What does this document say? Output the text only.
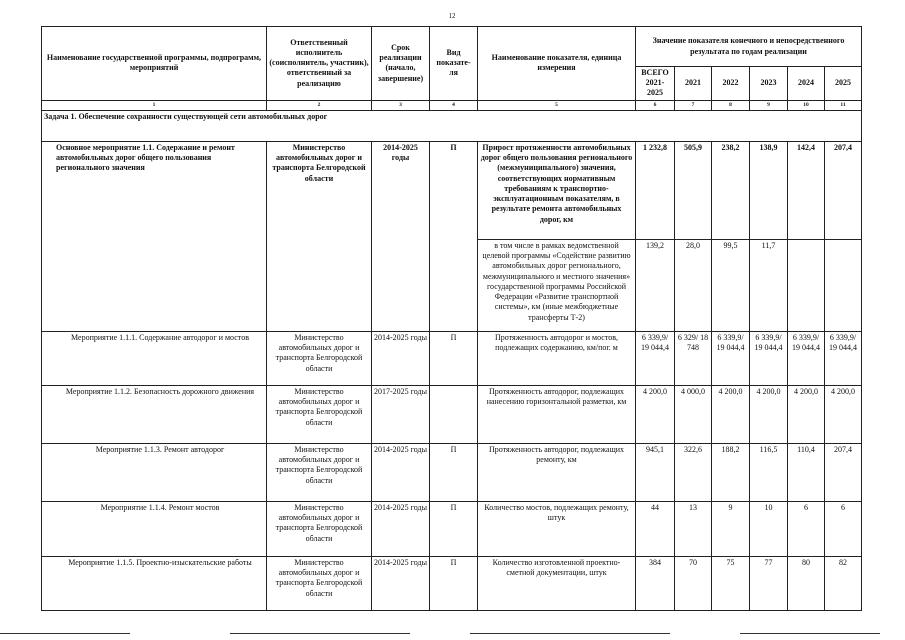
12
Наименование государственной программы, подпрограмм, мероприятий	Ответственный исполнитель (соисполнитель, участник), ответственный за реализацию	Срок реализации (начало, завершение)	Вид показате-ля	Наименование показателя, единица измерения	Значение показателя конечного и непосредственного результата по годам реализации					
					ВСЕГО 2021-2025	2021	2022	2023	2024	2025
1	2	3	4	5	6	7	8	9	10	11
Задача 1. Обеспечение сохранности существующей сети автомобильных дорог										

Основное мероприятие 1.1. Содержание и ремонт автомобильных дорог общего пользования регионального значения	Министерство автомобильных дорог и транспорта Белгородской области	2014-2025 годы	П	Прирост протяженности автомобильных дорог общего пользования регионального (межмуниципального) значения, соответствующих нормативным требованиям к транспортно-эксплуатационным показателям, в результате ремонта автомобильных дорог, км	1 232,8	505,9	238,2	138,9	142,4	207,4
				в том числе в рамках ведомственной целевой программы «Содействие развитию автомобильных дорог регионального, межмуниципального и местного значения» государственной программы Российской Федерации «Развитие транспортной системы», км (иные межбюджетные трансферты Т-2)	139,2	28,0	99,5	11,7		
Мероприятие 1.1.1. Содержание автодорог и мостов	Министерство автомобильных дорог и транспорта Белгородской области	2014-2025 годы	П	Протяженность автодорог и мостов, подлежащих содержанию, км/пог. м	6 339,9/ 19 044,4	6 329/ 18 748	6 339,9/ 19 044,4	6 339,9/ 19 044,4	6 339,9/ 19 044,4	6 339,9/ 19 044,4
Мероприятие 1.1.2. Безопасность дорожного движения	Министерство автомобильных дорог и транспорта Белгородской области	2017-2025 годы		Протяженность автодорог, подлежащих нанесению горизонтальной разметки, км	4 200,0	4 000,0	4 200,0	4 200,0	4 200,0	4 200,0
Мероприятие 1.1.3. Ремонт автодорог	Министерство автомобильных дорог и транспорта Белгородской области	2014-2025 годы	П	Протяженность автодорог, подлежащих ремонту, км	945,1	322,6	188,2	116,5	110,4	207,4
Мероприятие 1.1.4. Ремонт мостов	Министерство автомобильных дорог и транспорта Белгородской области	2014-2025 годы	П	Количество мостов, подлежащих ремонту, штук	44	13	9	10	6	6
Мероприятие 1.1.5. Проектно-изыскательские работы	Министерство автомобильных дорог и транспорта Белгородской области	2014-2025 годы	П	Количество изготовленной проектно-сметной документации, штук	384	70	75	77	80	82
